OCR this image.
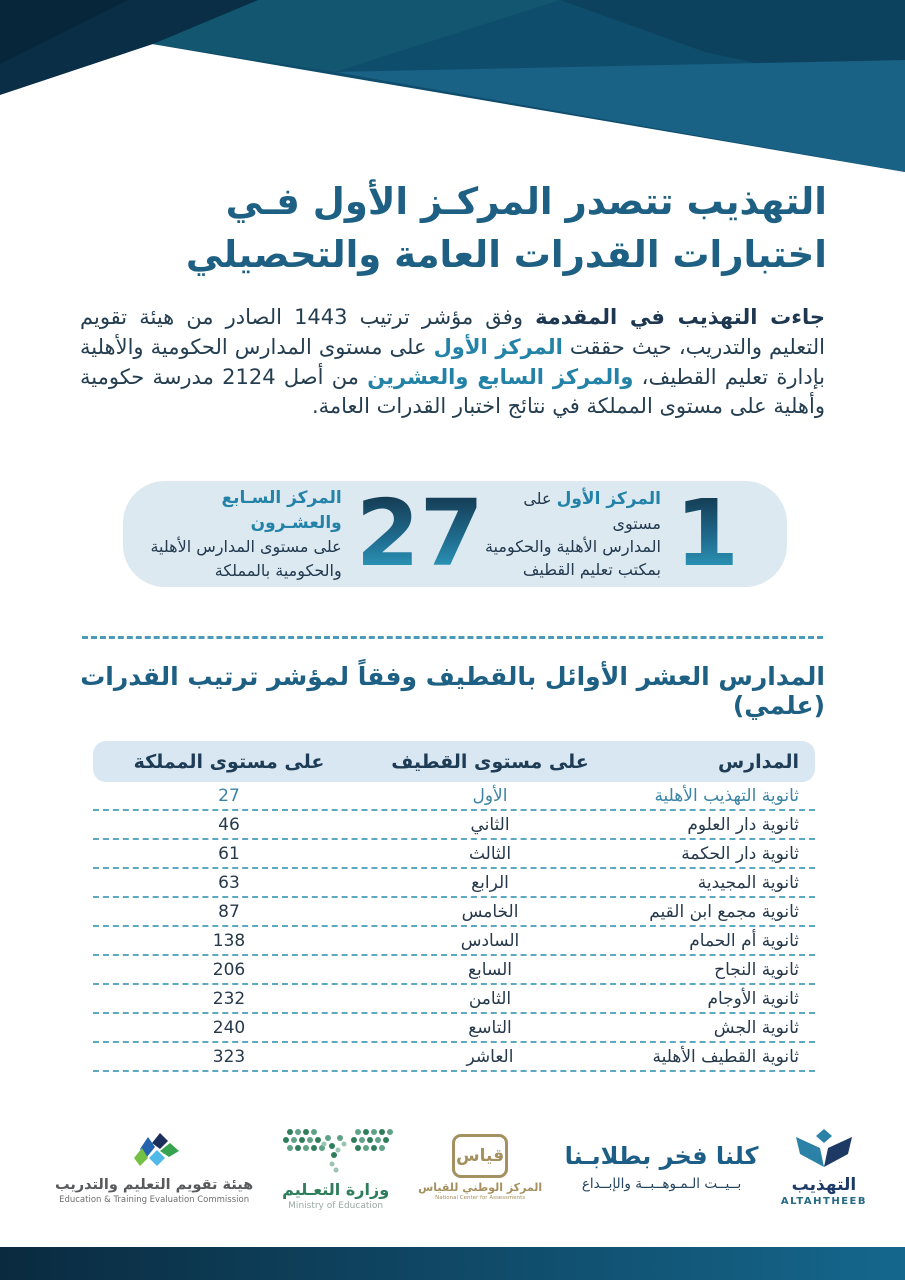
التهذيب تتصدر المركـز الأول فـي
اختبارات القدرات العامة والتحصيلي

جاءت التهذيب في المقدمة وفق مؤشر ترتيب 1443 الصادر من هيئة تقويم التعليم والتدريب، حيث حققت المركز الأول على مستوى المدارس الحكومية والأهلية بإدارة تعليم القطيف، والمركز السابع والعشرين من أصل 2124 مدرسة حكومية وأهلية على مستوى المملكة في نتائج اختبار القدرات العامة.

1
المركز الأول على مستوى
المدارس الأهلية والحكومية
بمكتب تعليم القطيف
27
المركز السـابع والعشـرون
على مستوى المدارس الأهلية
والحكومية بالمملكة
المدارس العشر الأوائل بالقطيف وفقاً لمؤشر ترتيب القدرات (علمي)
المدارس
على مستوى القطيف
على مستوى المملكة
ثانوية التهذيب الأهلية
الأول
27
ثانوية دار العلوم
الثاني
46
ثانوية دار الحكمة
الثالث
61
ثانوية المجيدية
الرابع
63
ثانوية مجمع ابن القيم
الخامس
87
ثانوية أم الحمام
السادس
138
ثانوية النجاح
السابع
206
ثانوية الأوجام
الثامن
232
ثانوية الجش
التاسع
240
ثانوية القطيف الأهلية
العاشر
323
هيئة تقويم التعليم والتدريب
Education & Training Evaluation Commission
وزارة التعـليم
Ministry of Education
قياس
المركز الوطني للقياس
National Center for Assessments
كلنا فخر بطلابـنا
بــيــت الـمـوهــبــة والإبــداع	التهذيب
ALTAHTHEEB
